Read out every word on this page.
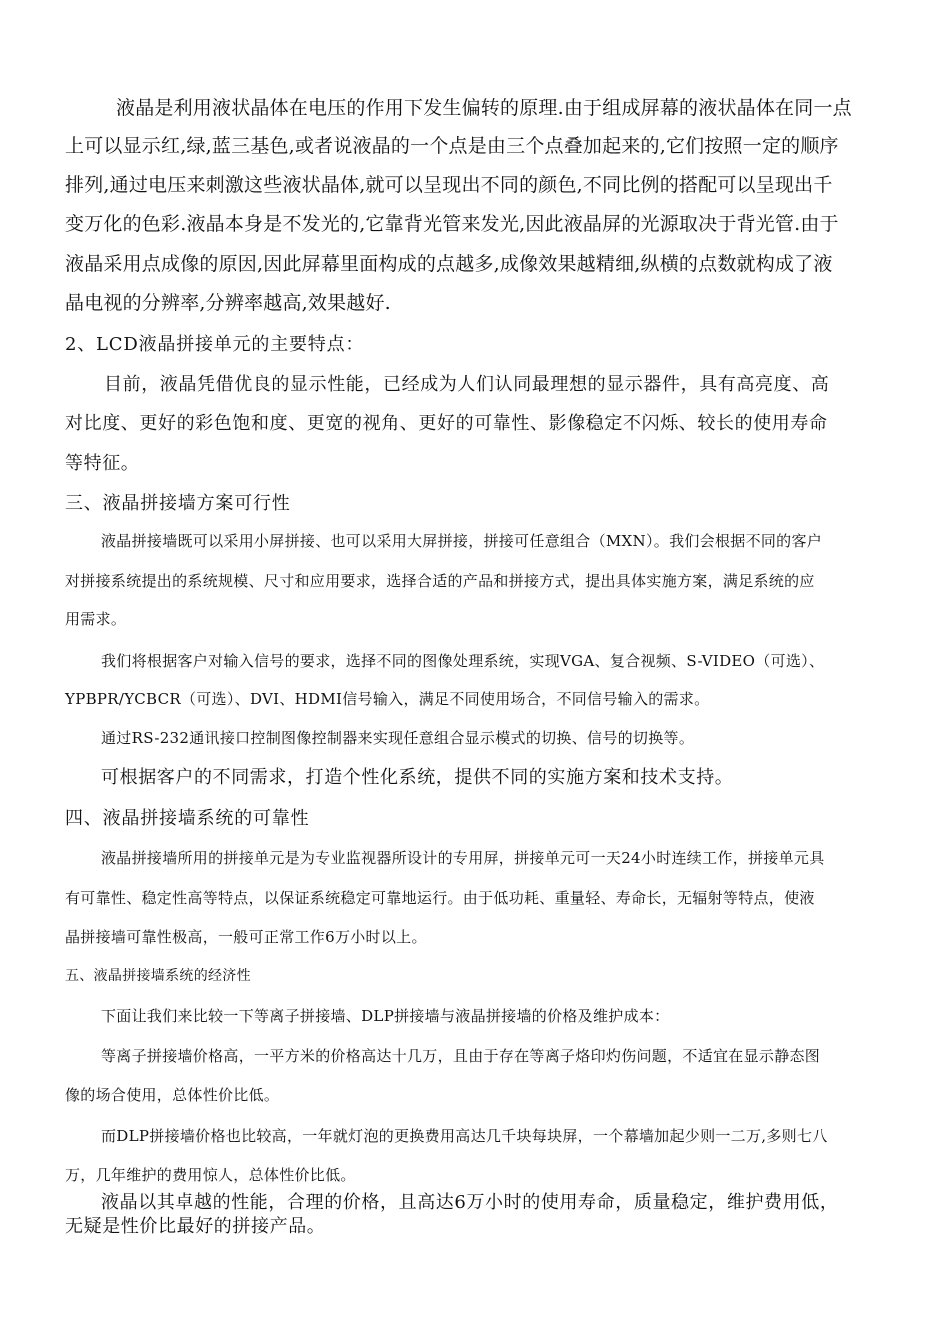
液晶是利用液状晶体在电压的作用下发生偏转的原理.由于组成屏幕的液状晶体在同一点

上可以显示红,绿,蓝三基色,或者说液晶的一个点是由三个点叠加起来的,它们按照一定的顺序

排列,通过电压来刺激这些液状晶体,就可以呈现出不同的颜色,不同比例的搭配可以呈现出千

变万化的色彩.液晶本身是不发光的,它靠背光管来发光,因此液晶屏的光源取决于背光管.由于

液晶采用点成像的原因,因此屏幕里面构成的点越多,成像效果越精细,纵横的点数就构成了液

晶电视的分辨率,分辨率越高,效果越好.

2、LCD液晶拼接单元的主要特点：

目前，液晶凭借优良的显示性能，已经成为人们认同最理想的显示器件，具有高亮度、高

对比度、更好的彩色饱和度、更宽的视角、更好的可靠性、影像稳定不闪烁、较长的使用寿命

等特征。

三、液晶拼接墙方案可行性

液晶拼接墙既可以采用小屏拼接、也可以采用大屏拼接，拼接可任意组合（MXN）。我们会根据不同的客户

对拼接系统提出的系统规模、尺寸和应用要求，选择合适的产品和拼接方式，提出具体实施方案，满足系统的应

用需求。

我们将根据客户对输入信号的要求，选择不同的图像处理系统，实现VGA、复合视频、S-VIDEO（可选）、

YPBPR/YCBCR（可选）、DVI、HDMI信号输入，满足不同使用场合，不同信号输入的需求。

通过RS-232通讯接口控制图像控制器来实现任意组合显示模式的切换、信号的切换等。

可根据客户的不同需求，打造个性化系统，提供不同的实施方案和技术支持。

四、液晶拼接墙系统的可靠性

液晶拼接墙所用的拼接单元是为专业监视器所设计的专用屏，拼接单元可一天24小时连续工作，拼接单元具

有可靠性、稳定性高等特点，以保证系统稳定可靠地运行。由于低功耗、重量轻、寿命长，无辐射等特点，使液

晶拼接墙可靠性极高，一般可正常工作6万小时以上。

五、液晶拼接墙系统的经济性

下面让我们来比较一下等离子拼接墙、DLP拼接墙与液晶拼接墙的价格及维护成本：

等离子拼接墙价格高，一平方米的价格高达十几万，且由于存在等离子烙印灼伤问题，不适宜在显示静态图

像的场合使用，总体性价比低。

而DLP拼接墙价格也比较高，一年就灯泡的更换费用高达几千块每块屏，一个幕墙加起少则一二万,多则七八

万，几年维护的费用惊人，总体性价比低。

液晶以其卓越的性能，合理的价格，且高达6万小时的使用寿命，质量稳定，维护费用低，

无疑是性价比最好的拼接产品。
